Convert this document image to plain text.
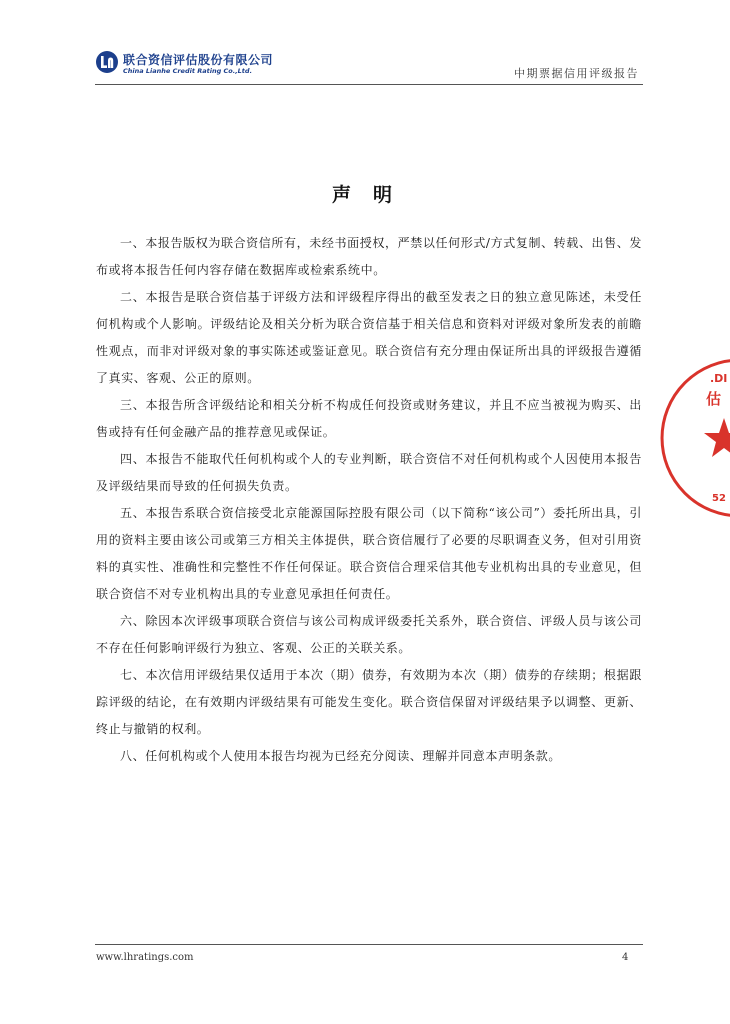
联合资信评估股份有限公司
China Lianhe Credit Rating Co.,Ltd.	中期票据信用评级报告
声明

一、本报告版权为联合资信所有，未经书面授权，严禁以任何形式/方式复制、转载、出售、发布或将本报告任何内容存储在数据库或检索系统中。

二、本报告是联合资信基于评级方法和评级程序得出的截至发表之日的独立意见陈述，未受任何机构或个人影响。评级结论及相关分析为联合资信基于相关信息和资料对评级对象所发表的前瞻性观点，而非对评级对象的事实陈述或鉴证意见。联合资信有充分理由保证所出具的评级报告遵循了真实、客观、公正的原则。

三、本报告所含评级结论和相关分析不构成任何投资或财务建议，并且不应当被视为购买、出售或持有任何金融产品的推荐意见或保证。

四、本报告不能取代任何机构或个人的专业判断，联合资信不对任何机构或个人因使用本报告及评级结果而导致的任何损失负责。

五、本报告系联合资信接受北京能源国际控股有限公司（以下简称“该公司”）委托所出具，引用的资料主要由该公司或第三方相关主体提供，联合资信履行了必要的尽职调查义务，但对引用资料的真实性、准确性和完整性不作任何保证。联合资信合理采信其他专业机构出具的专业意见，但联合资信不对专业机构出具的专业意见承担任何责任。

六、除因本次评级事项联合资信与该公司构成评级委托关系外，联合资信、评级人员与该公司不存在任何影响评级行为独立、客观、公正的关联关系。

七、本次信用评级结果仅适用于本次（期）债券，有效期为本次（期）债券的存续期；根据跟踪评级的结论，在有效期内评级结果有可能发生变化。联合资信保留对评级结果予以调整、更新、终止与撤销的权利。

八、任何机构或个人使用本报告均视为已经充分阅读、理解并同意本声明条款。

.DI
估
52
www.lhratings.com	4
